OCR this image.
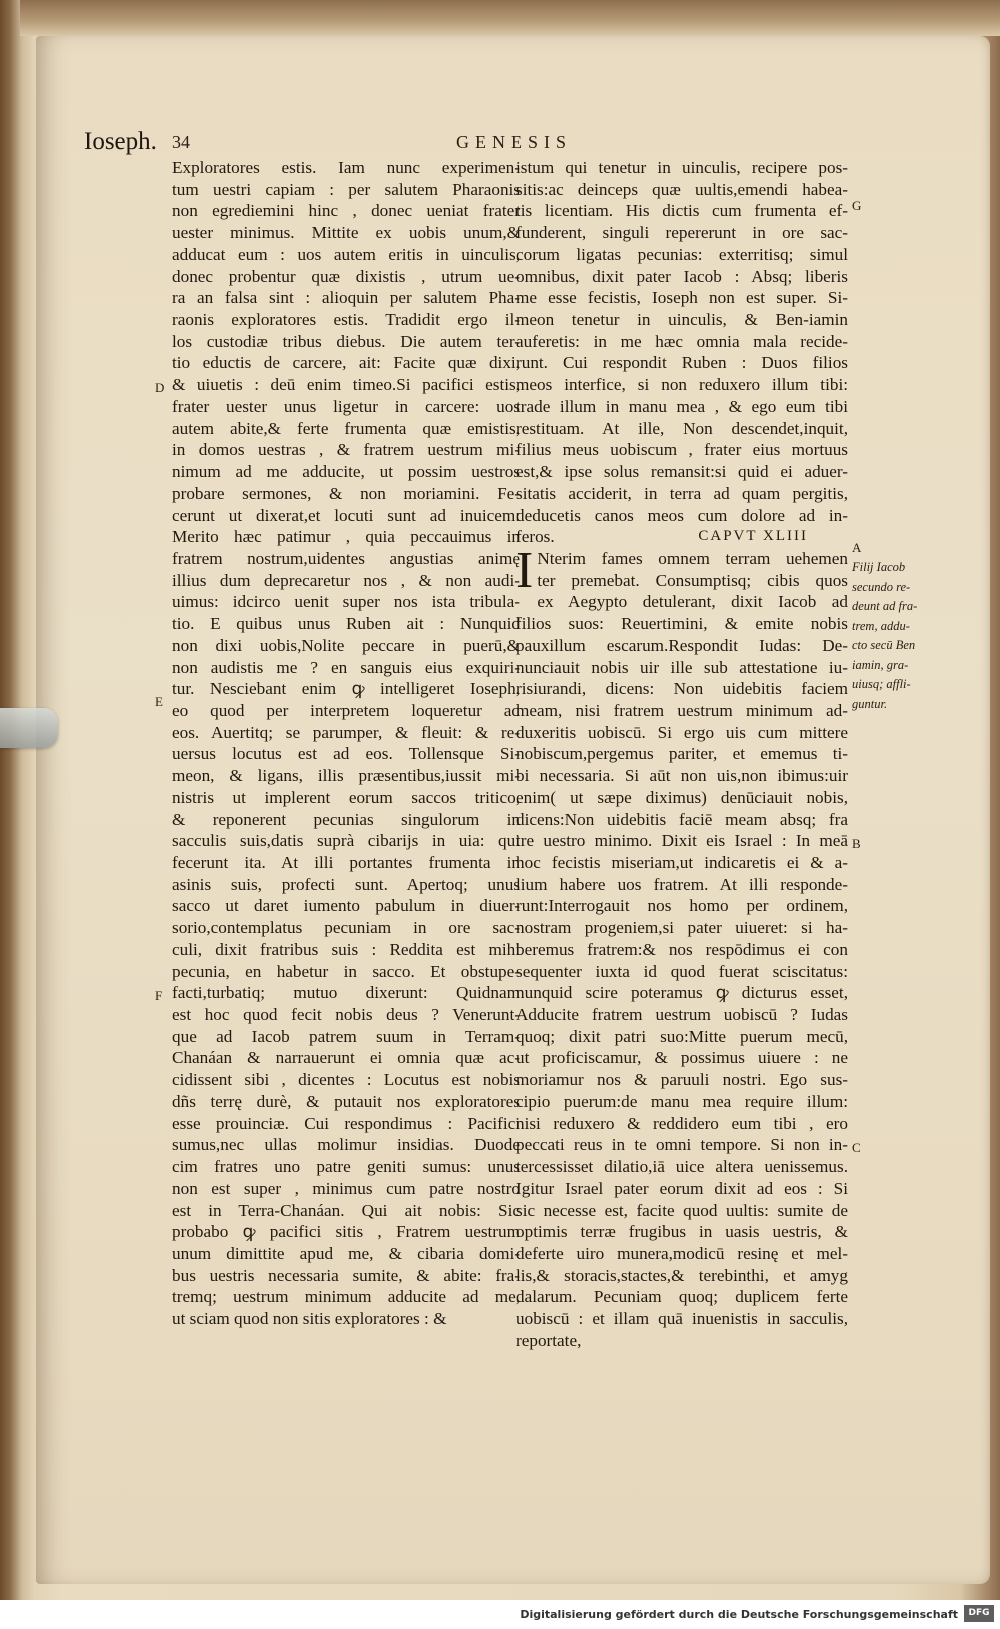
Ioseph. 34	GENESIS
Exploratores estis. Iam nunc experimen-
tum uestri capiam : per salutem Pharaonis
non egrediemini hinc , donec ueniat frater
uester minimus. Mittite ex uobis unum,&
adducat eum : uos autem eritis in uinculis,
donec probentur quæ dixistis , utrum ue-
ra an falsa sint : alioquin per salutem Pha-
raonis exploratores estis. Tradidit ergo il-
los custodiæ tribus diebus. Die autem ter-
tio eductis de carcere, ait: Facite quæ dixi,
& uiuetis : deū enim timeo.Si pacifici estis,
frater uester unus ligetur in carcere: uos
autem abite,& ferte frumenta quæ emistis,
in domos uestras , & fratrem uestrum mi-
nimum ad me adducite, ut possim uestros
probare sermones, & non moriamini. Fe-
cerunt ut dixerat,et locuti sunt ad inuicem:
Merito hæc patimur , quia peccauimus in
fratrem nostrum,uidentes angustias animę
illius dum deprecaretur nos , & non audi-
uimus: idcirco uenit super nos ista tribula-
tio. E quibus unus Ruben ait : Nunquid
non dixi uobis,Nolite peccare in puerū,&
non audistis me ? en sanguis eius exquiri-
tur. Nesciebant enim ꝙ intelligeret Ioseph,
eo quod per interpretem loqueretur ad
eos. Auertitq; se parumper, & fleuit: & re-
uersus locutus est ad eos. Tollensque Si-
meon, & ligans, illis præsentibus,iussit mi-
nistris ut implerent eorum saccos tritico,
& reponerent pecunias singulorum in
sacculis suis,datis suprà cibarijs in uia: qui
fecerunt ita. At illi portantes frumenta in
asinis suis, profecti sunt. Apertoq; unus
sacco ut daret iumento pabulum in diuer-
sorio,contemplatus pecuniam in ore sac-
culi, dixit fratribus suis : Reddita est mihi
pecunia, en habetur in sacco. Et obstupe-
facti,turbatiq; mutuo dixerunt: Quidnam
est hoc quod fecit nobis deus ? Venerunt-
que ad Iacob patrem suum in Terram-
Chanáan & narrauerunt ei omnia quæ ac-
cidissent sibi , dicentes : Locutus est nobis
dñs terrę durè, & putauit nos exploratores
esse prouinciæ. Cui respondimus : Pacifici
sumus,nec ullas molimur insidias. Duode
cim fratres uno patre geniti sumus: unus
non est super , minimus cum patre nostro
est in Terra-Chanáan. Qui ait nobis: Sic
probabo ꝙ pacifici sitis , Fratrem uestrum
unum dimittite apud me, & cibaria domi-
bus uestris necessaria sumite, & abite: fra-
tremq; uestrum minimum adducite ad me,
ut sciam quod non sitis exploratores : &
istum qui tenetur in uinculis, recipere pos-
sitis:ac deinceps quæ uultis,emendi habea-
tis licentiam. His dictis cum frumenta ef-
funderent, singuli repererunt in ore sac-
corum ligatas pecunias: exterritisq; simul
omnibus, dixit pater Iacob : Absq; liberis
me esse fecistis, Ioseph non est super. Si-
meon tenetur in uinculis, & Ben-iamin
auferetis: in me hæc omnia mala recide-
runt. Cui respondit Ruben : Duos filios
meos interfice, si non reduxero illum tibi:
trade illum in manu mea , & ego eum tibi
restituam. At ille, Non descendet,inquit,
filius meus uobiscum , frater eius mortuus
est,& ipse solus remansit:si quid ei aduer-
sitatis acciderit, in terra ad quam pergitis,
deducetis canos meos cum dolore ad in-
feros.	CAPVT XLIII
I Nterim fames omnem terram uehemen
ter premebat. Consumptisq; cibis quos
ex Aegypto detulerant, dixit Iacob ad
filios suos: Reuertimini, & emite nobis
pauxillum escarum.Respondit Iudas: De-
nunciauit nobis uir ille sub attestatione iu-
risiurandi, dicens: Non uidebitis faciem
meam, nisi fratrem uestrum minimum ad-
duxeritis uobiscū. Si ergo uis cum mittere
nobiscum,pergemus pariter, et ememus ti-
bi necessaria. Si aūt non uis,non ibimus:uir
enim( ut sæpe diximus) denūciauit nobis,
dicens:Non uidebitis faciē meam absq; fra
tre uestro minimo. Dixit eis Israel : In meā
hoc fecistis miseriam,ut indicaretis ei & a-
lium habere uos fratrem. At illi responde-
runt:Interrogauit nos homo per ordinem,
nostram progeniem,si pater uiueret: si ha-
beremus fratrem:& nos respōdimus ei con
sequenter iuxta id quod fuerat sciscitatus:
nunquid scire poteramus ꝙ dicturus esset,
Adducite fratrem uestrum uobiscū ? Iudas
quoq; dixit patri suo:Mitte puerum mecū,
ut proficiscamur, & possimus uiuere : ne
moriamur nos & paruuli nostri. Ego sus-
cipio puerum:de manu mea require illum:
nisi reduxero & reddidero eum tibi , ero
peccati reus in te omni tempore. Si non in-
tercessisset dilatio,iā uice altera uenissemus.
Igitur Israel pater eorum dixit ad eos : Si
sic necesse est, facite quod uultis: sumite de
optimis terræ frugibus in uasis uestris, &
deferte uiro munera,modicū resinę et mel-
lis,& storacis,stactes,& terebinthi, et amyg
dalarum. Pecuniam quoq; duplicem ferte
uobiscū : et illam quā inuenistis in sacculis,
reportate,
D
E
F
G
A
B
C
Filij Iacob
secundo re-
deunt ad fra-
trem, addu-
cto secū Ben
iamin, gra-
uiusq; affli-
guntur.
Digitalisierung gefördert durch die Deutsche Forschungsgemeinschaft	DFG
